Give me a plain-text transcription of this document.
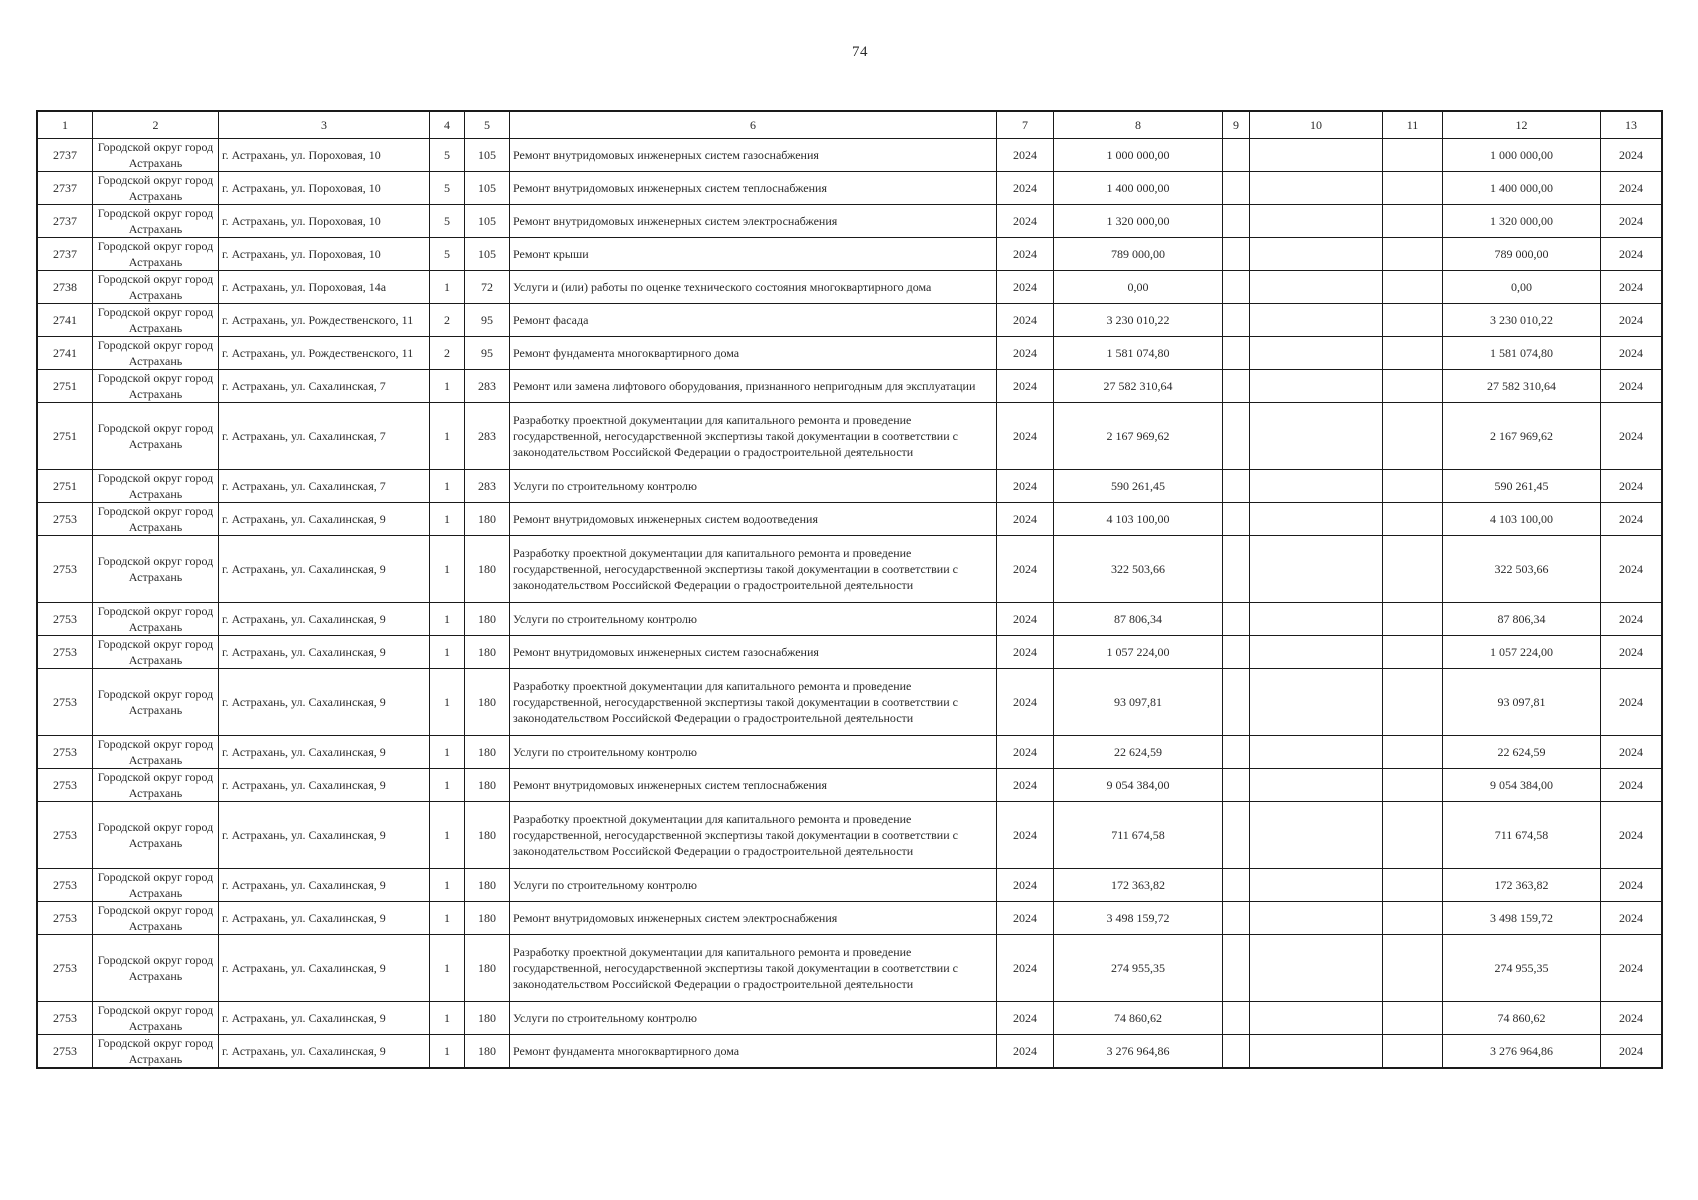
74
1	2	3	4	5	6	7	8	9	10	11	12	13
2737	Городской округ город Астрахань	г. Астрахань, ул. Пороховая, 10	5	105	Ремонт внутридомовых инженерных систем газоснабжения	2024	1 000 000,00				1 000 000,00	2024
2737	Городской округ город Астрахань	г. Астрахань, ул. Пороховая, 10	5	105	Ремонт внутридомовых инженерных систем теплоснабжения	2024	1 400 000,00				1 400 000,00	2024
2737	Городской округ город Астрахань	г. Астрахань, ул. Пороховая, 10	5	105	Ремонт внутридомовых инженерных систем электроснабжения	2024	1 320 000,00				1 320 000,00	2024
2737	Городской округ город Астрахань	г. Астрахань, ул. Пороховая, 10	5	105	Ремонт крыши	2024	789 000,00				789 000,00	2024
2738	Городской округ город Астрахань	г. Астрахань, ул. Пороховая, 14а	1	72	Услуги и (или) работы по оценке технического состояния многоквартирного дома	2024	0,00				0,00	2024
2741	Городской округ город Астрахань	г. Астрахань, ул. Рождественского, 11	2	95	Ремонт фасада	2024	3 230 010,22				3 230 010,22	2024
2741	Городской округ город Астрахань	г. Астрахань, ул. Рождественского, 11	2	95	Ремонт фундамента многоквартирного дома	2024	1 581 074,80				1 581 074,80	2024
2751	Городской округ город Астрахань	г. Астрахань, ул. Сахалинская, 7	1	283	Ремонт или замена лифтового оборудования, признанного непригодным для эксплуатации	2024	27 582 310,64				27 582 310,64	2024
2751	Городской округ город Астрахань	г. Астрахань, ул. Сахалинская, 7	1	283	Разработку проектной документации для капитального ремонта и проведение государственной, негосударственной экспертизы такой документации в соответствии с законодательством Российской Федерации о градостроительной деятельности	2024	2 167 969,62				2 167 969,62	2024
2751	Городской округ город Астрахань	г. Астрахань, ул. Сахалинская, 7	1	283	Услуги по строительному контролю	2024	590 261,45				590 261,45	2024
2753	Городской округ город Астрахань	г. Астрахань, ул. Сахалинская, 9	1	180	Ремонт внутридомовых инженерных систем водоотведения	2024	4 103 100,00				4 103 100,00	2024
2753	Городской округ город Астрахань	г. Астрахань, ул. Сахалинская, 9	1	180	Разработку проектной документации для капитального ремонта и проведение государственной, негосударственной экспертизы такой документации в соответствии с законодательством Российской Федерации о градостроительной деятельности	2024	322 503,66				322 503,66	2024
2753	Городской округ город Астрахань	г. Астрахань, ул. Сахалинская, 9	1	180	Услуги по строительному контролю	2024	87 806,34				87 806,34	2024
2753	Городской округ город Астрахань	г. Астрахань, ул. Сахалинская, 9	1	180	Ремонт внутридомовых инженерных систем газоснабжения	2024	1 057 224,00				1 057 224,00	2024
2753	Городской округ город Астрахань	г. Астрахань, ул. Сахалинская, 9	1	180	Разработку проектной документации для капитального ремонта и проведение государственной, негосударственной экспертизы такой документации в соответствии с законодательством Российской Федерации о градостроительной деятельности	2024	93 097,81				93 097,81	2024
2753	Городской округ город Астрахань	г. Астрахань, ул. Сахалинская, 9	1	180	Услуги по строительному контролю	2024	22 624,59				22 624,59	2024
2753	Городской округ город Астрахань	г. Астрахань, ул. Сахалинская, 9	1	180	Ремонт внутридомовых инженерных систем теплоснабжения	2024	9 054 384,00				9 054 384,00	2024
2753	Городской округ город Астрахань	г. Астрахань, ул. Сахалинская, 9	1	180	Разработку проектной документации для капитального ремонта и проведение государственной, негосударственной экспертизы такой документации в соответствии с законодательством Российской Федерации о градостроительной деятельности	2024	711 674,58				711 674,58	2024
2753	Городской округ город Астрахань	г. Астрахань, ул. Сахалинская, 9	1	180	Услуги по строительному контролю	2024	172 363,82				172 363,82	2024
2753	Городской округ город Астрахань	г. Астрахань, ул. Сахалинская, 9	1	180	Ремонт внутридомовых инженерных систем электроснабжения	2024	3 498 159,72				3 498 159,72	2024
2753	Городской округ город Астрахань	г. Астрахань, ул. Сахалинская, 9	1	180	Разработку проектной документации для капитального ремонта и проведение государственной, негосударственной экспертизы такой документации в соответствии с законодательством Российской Федерации о градостроительной деятельности	2024	274 955,35				274 955,35	2024
2753	Городской округ город Астрахань	г. Астрахань, ул. Сахалинская, 9	1	180	Услуги по строительному контролю	2024	74 860,62				74 860,62	2024
2753	Городской округ город Астрахань	г. Астрахань, ул. Сахалинская, 9	1	180	Ремонт фундамента многоквартирного дома	2024	3 276 964,86				3 276 964,86	2024
